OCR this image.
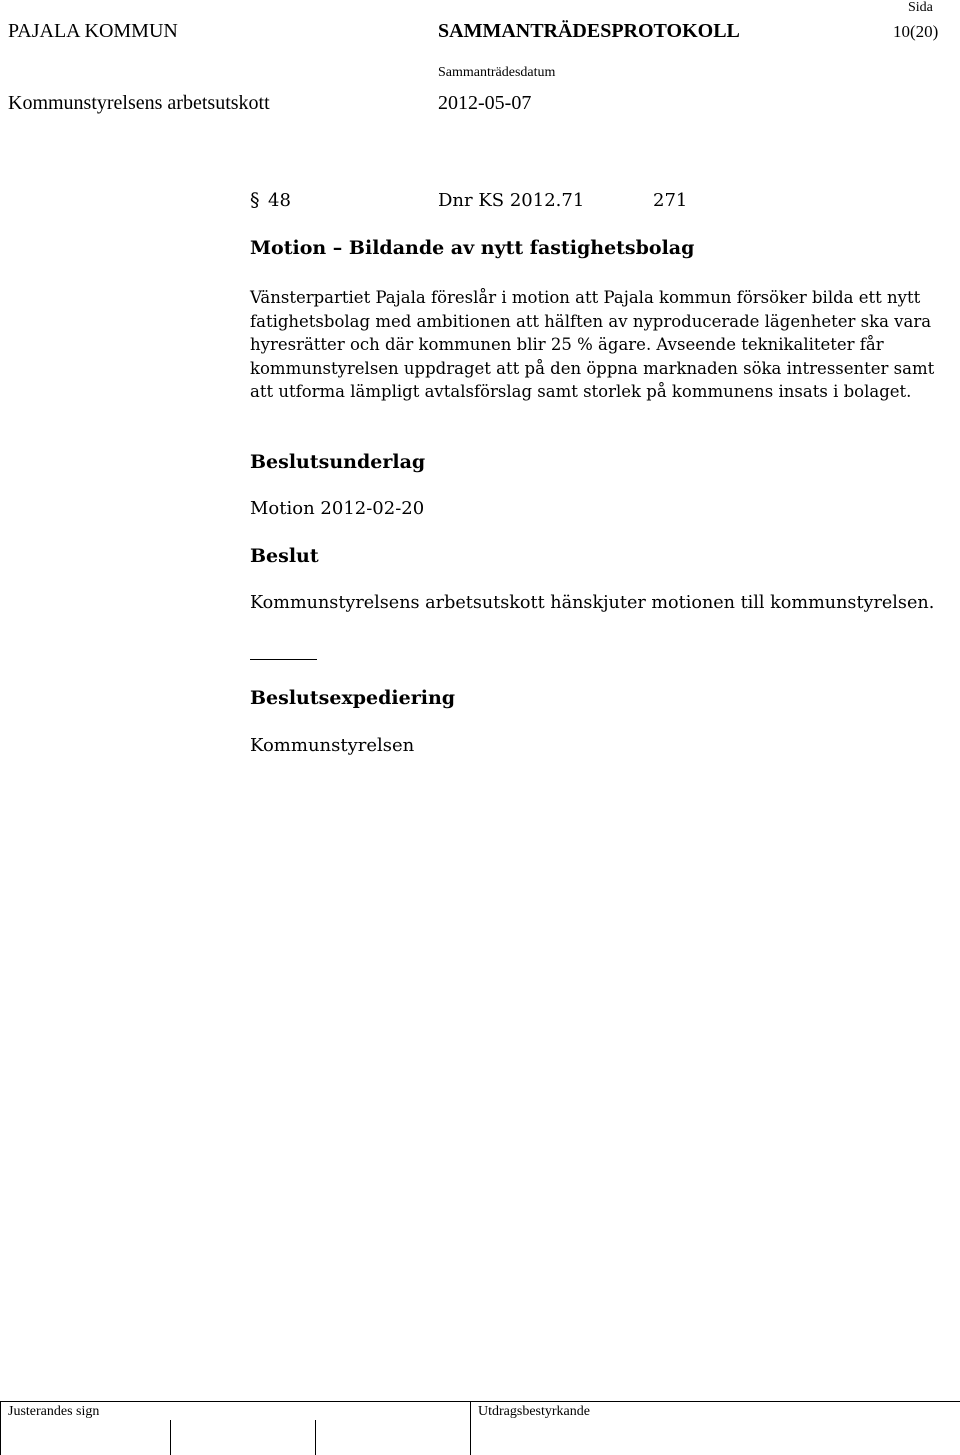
PAJALA KOMMUN	SAMMANTRÄDESPROTOKOLL
Sida
10(20)
Sammanträdesdatum
Kommunstyrelsens arbetsutskott	2012-05-07
§ 48	Dnr KS 2012.71	271
Motion – Bildande av nytt fastighetsbolag
Vänsterpartiet Pajala föreslår i motion att Pajala kommun försöker bilda ett nytt fatighetsbolag med ambitionen att hälften av nyproducerade lägenheter ska vara hyresrätter och där kommunen blir 25 % ägare. Avseende teknikaliteter får kommunstyrelsen uppdraget att på den öppna marknaden söka intressenter samt att utforma lämpligt avtalsförslag samt storlek på kommunens insats i bolaget.
Beslutsunderlag
Motion 2012-02-20
Beslut
Kommunstyrelsens arbetsutskott hänskjuter motionen till kommunstyrelsen.
Beslutsexpediering
Kommunstyrelsen
Justerandes sign	Utdragsbestyrkande
